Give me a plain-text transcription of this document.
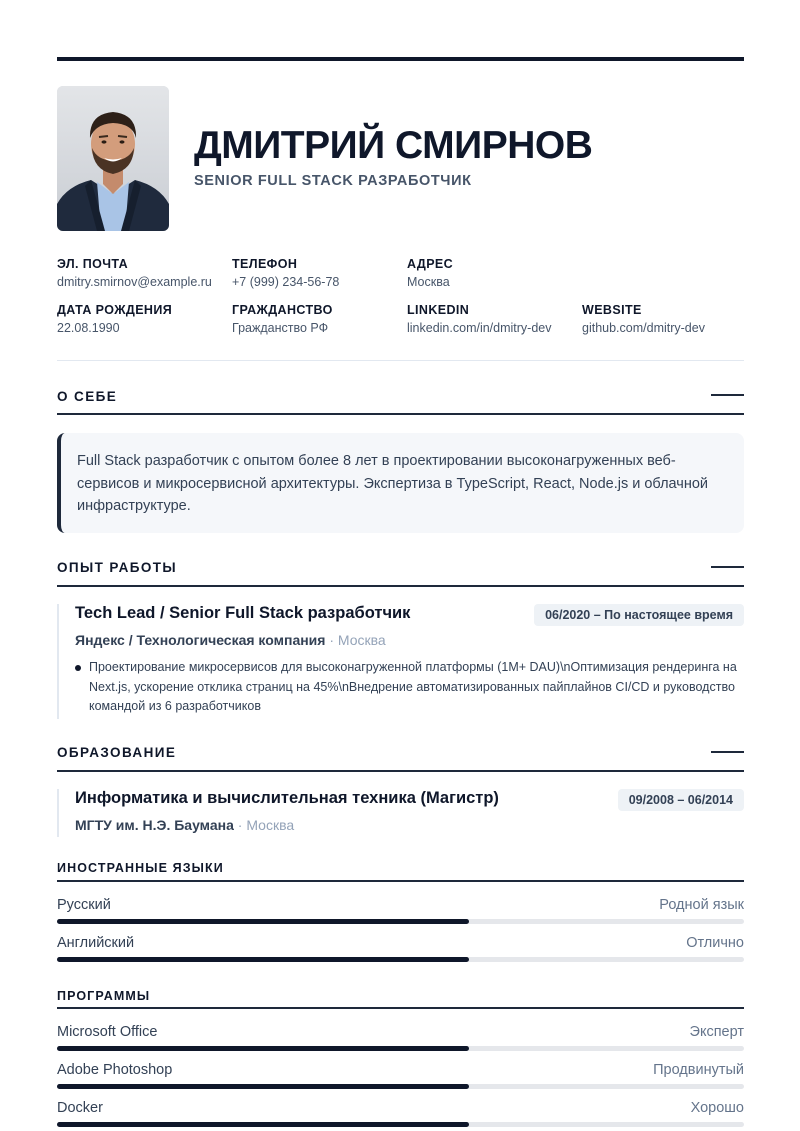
ДМИТРИЙ СМИРНОВ
SENIOR FULL STACK РАЗРАБОТЧИК
ЭЛ. ПОЧТА
dmitry.smirnov@example.ru
ТЕЛЕФОН
+7 (999) 234-56-78
АДРЕС
Москва
ДАТА РОЖДЕНИЯ
22.08.1990
ГРАЖДАНСТВО
Гражданство РФ
LINKEDIN
linkedin.com/in/dmitry-dev
WEBSITE
github.com/dmitry-dev
О СЕБЕ

Full Stack разработчик с опытом более 8 лет в проектировании высоконагруженных веб-сервисов и микросервисной архитектуры. Экспертиза в TypeScript, React, Node.js и облачной инфраструктуре.

ОПЫТ РАБОТЫ
Tech Lead / Senior Full Stack разработчик
Яндекс / Технологическая компания · Москва
06/2020 – По настоящее время
Проектирование микросервисов для высоконагруженной платформы (1M+ DAU)\nОптимизация рендеринга на Next.js, ускорение отклика страниц на 45%\nВнедрение автоматизированных пайплайнов CI/CD и руководство командой из 6 разработчиков
ОБРАЗОВАНИЕ
Информатика и вычислительная техника (Магистр)
МГТУ им. Н.Э. Баумана · Москва
09/2008 – 06/2014
ИНОСТРАННЫЕ ЯЗЫКИ
Русский	Родной язык
Английский	Отлично
ПРОГРАММЫ
Microsoft Office	Эксперт
Adobe Photoshop	Продвинутый
Docker	Хорошо
